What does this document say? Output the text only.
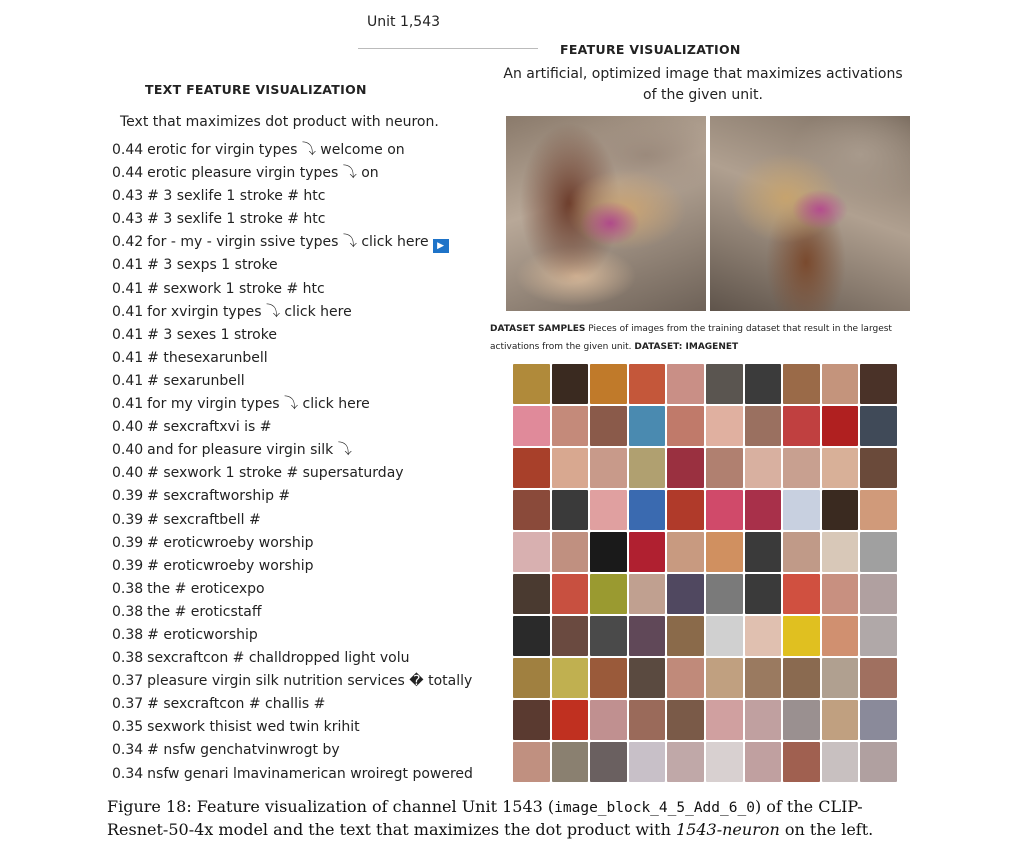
Unit 1,543
TEXT FEATURE VISUALIZATION
Text that maximizes dot product with neuron.
0.44 erotic for virgin types ⤵ welcome on
0.44 erotic pleasure virgin types ⤵ on
0.43 # 3 sexlife 1 stroke # htc
0.43 # 3 sexlife 1 stroke # htc
0.42 for - my - virgin ssive types ⤵ click here ▶
0.41 # 3 sexps 1 stroke
0.41 # sexwork 1 stroke # htc
0.41 for xvirgin types ⤵ click here
0.41 # 3 sexes 1 stroke
0.41 # thesexarunbell
0.41 # sexarunbell
0.41 for my virgin types ⤵ click here
0.40 # sexcraftxvi is #
0.40 and for pleasure virgin silk ⤵
0.40 # sexwork 1 stroke # supersaturday
0.39 # sexcraftworship #
0.39 # sexcraftbell #
0.39 # eroticwroeby worship
0.39 # eroticwroeby worship
0.38 the # eroticexpo
0.38 the # eroticstaff
0.38 # eroticworship
0.38 sexcraftcon # challdropped light volu
0.37 pleasure virgin silk nutrition services � totally
0.37 # sexcraftcon # challis #
0.35 sexwork thisist wed twin krihit
0.34 # nsfw genchatvinwrogt by
0.34 nsfw genari lmavinamerican wroiregt powered
FEATURE VISUALIZATION
An artificial, optimized image that maximizes activations of the given unit.
DATASET SAMPLES Pieces of images from the training dataset that result in the largest
activations from the given unit. DATASET: IMAGENET
Figure 18: Feature visualization of channel Unit 1543 (image_block_4_5_Add_6_0) of the CLIP-Resnet-50-4x model and the text that maximizes the dot product with 1543-neuron on the left.
